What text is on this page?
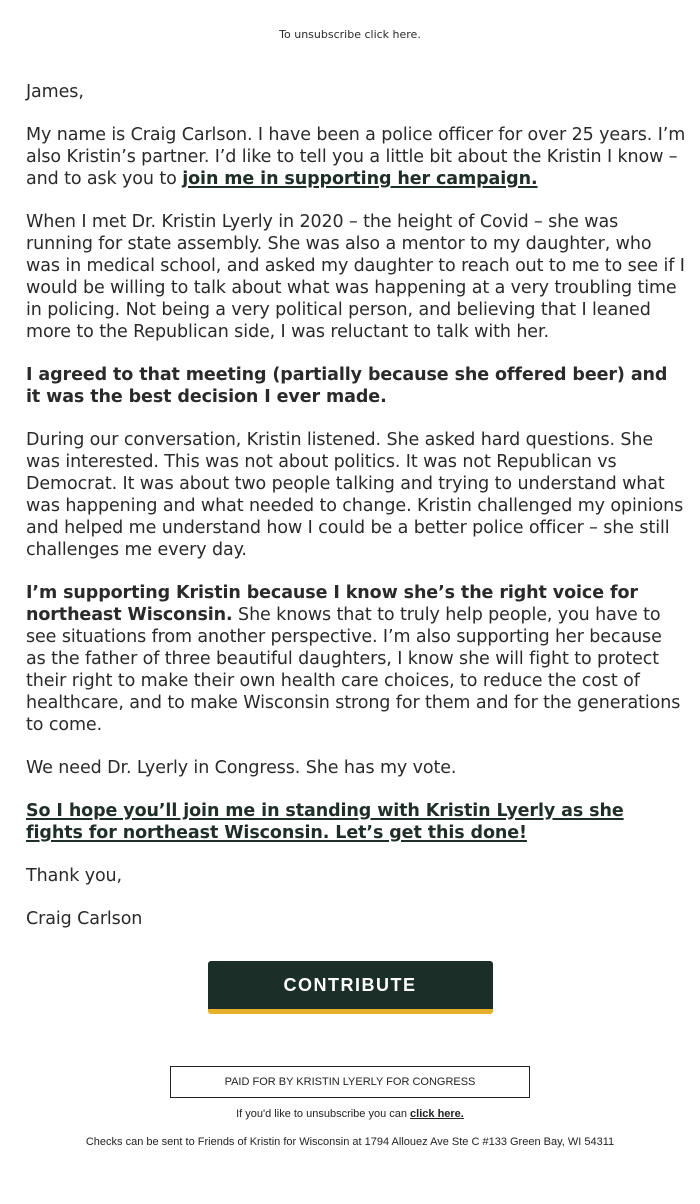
To unsubscribe click here.

James,

My name is Craig Carlson. I have been a police officer for over 25 years. I’m also Kristin’s partner. I’d like to tell you a little bit about the Kristin I know – and to ask you to join me in supporting her campaign.

When I met Dr. Kristin Lyerly in 2020 – the height of Covid – she was running for state assembly. She was also a mentor to my daughter, who was in medical school, and asked my daughter to reach out to me to see if I would be willing to talk about what was happening at a very troubling time in policing. Not being a very political person, and believing that I leaned more to the Republican side, I was reluctant to talk with her.

I agreed to that meeting (partially because she offered beer) and it was the best decision I ever made.

During our conversation, Kristin listened. She asked hard questions. She was interested. This was not about politics. It was not Republican vs Democrat. It was about two people talking and trying to understand what was happening and what needed to change. Kristin challenged my opinions and helped me understand how I could be a better police officer – she still challenges me every day.

I’m supporting Kristin because I know she’s the right voice for northeast Wisconsin. She knows that to truly help people, you have to see situations from another perspective. I’m also supporting her because as the father of three beautiful daughters, I know she will fight to protect their right to make their own health care choices, to reduce the cost of healthcare, and to make Wisconsin strong for them and for the generations to come.

We need Dr. Lyerly in Congress. She has my vote.

So I hope you’ll join me in standing with Kristin Lyerly as she fights for northeast Wisconsin. Let’s get this done!

Thank you,

Craig Carlson

CONTRIBUTE
PAID FOR BY KRISTIN LYERLY FOR CONGRESS
If you'd like to unsubscribe you can click here.
Checks can be sent to Friends of Kristin for Wisconsin at 1794 Allouez Ave Ste C #133 Green Bay, WI 54311
